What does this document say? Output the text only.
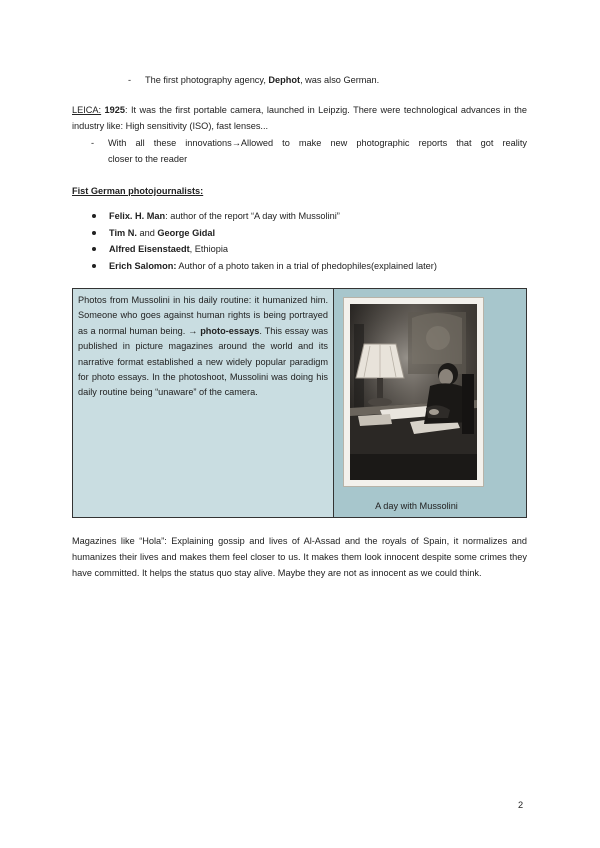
- The first photography agency, Dephot, was also German.
LEICA: 1925: It was the first portable camera, launched in Leipzig. There were technological advances in the industry like: High sensitivity (ISO), fast lenses...
- With all these innovations→Allowed to make new photographic reports that got reality
closer to the reader
Fist German photojournalists:
Felix. H. Man: author of the report “A day with Mussolini”
Tim N. and George Gidal
Alfred Eisenstaedt, Ethiopia
Erich Salomon: Author of a photo taken in a trial of phedophiles(explained later)
Photos from Mussolini in his daily routine: it humanized him. Someone who goes against human rights is being portrayed as a normal human being. → photo-essays. This essay was published in picture magazines around the world and its narrative format established a new widely popular paradigm for photo essays. In the photoshoot, Mussolini was doing his daily routine being “unaware” of the camera.
A day with Mussolini
Magazines like “Hola”: Explaining gossip and lives of Al-Assad and the royals of Spain, it normalizes and humanizes their lives and makes them feel closer to us. It makes them look innocent despite some crimes they have committed. It helps the status quo stay alive. Maybe they are not as innocent as we could think.
2
